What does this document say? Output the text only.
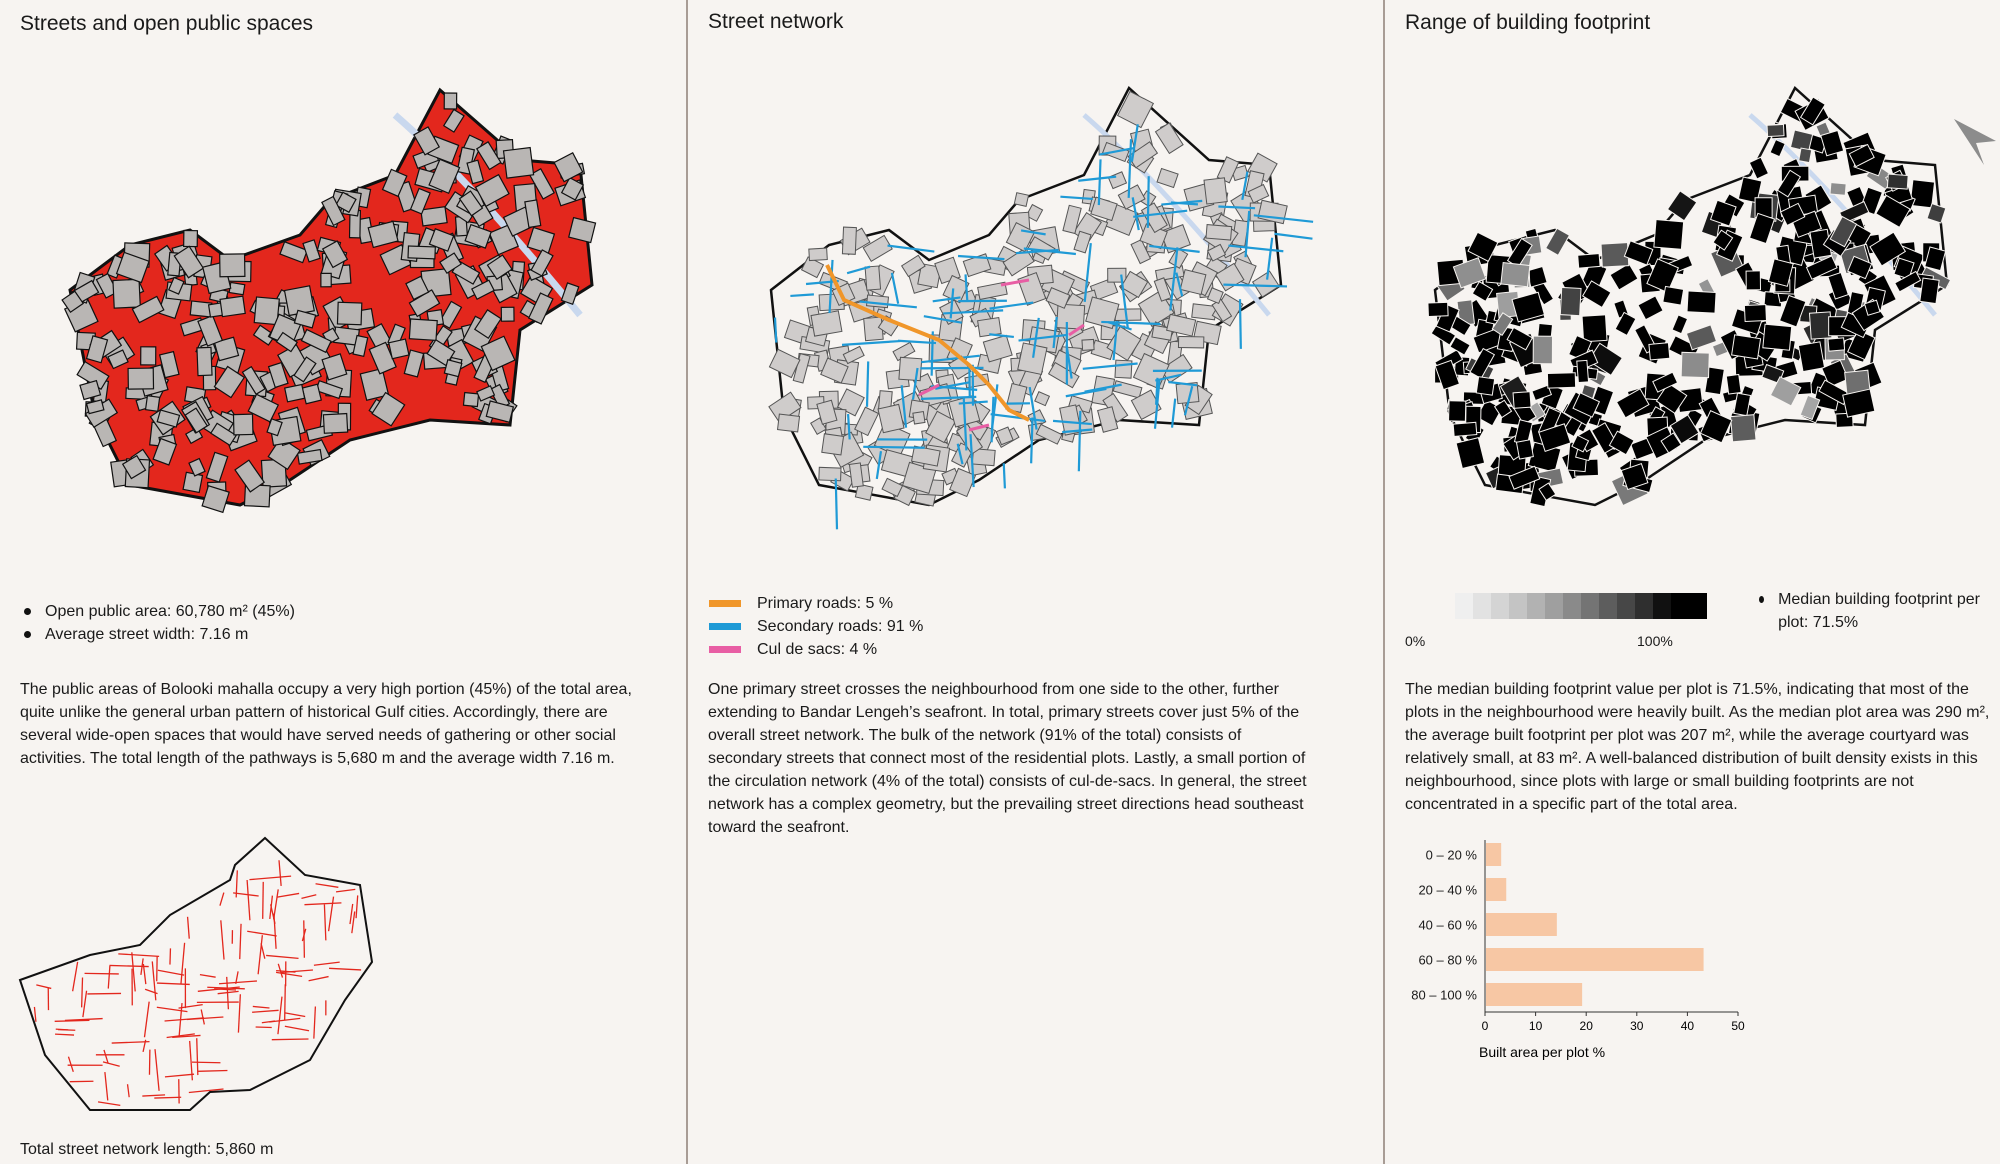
Streets and open public spaces
Open public area: 60,780 m² (45%)
Average street width: 7.16 m
The public areas of Bolooki mahalla occupy a very high portion (45%) of the total area, quite unlike the general urban pattern of historical Gulf cities. Accordingly, there are several wide-open spaces that would have served needs of gathering or other social activities. The total length of the pathways is 5,680 m and the average width 7.16 m.
Total street network length: 5,860 m
Street network
Primary roads: 5 %
Secondary roads: 91 %
Cul de sacs: 4 %
One primary street crosses the neighbourhood from one side to the other, further extending to Bandar Lengeh’s seafront. In total, primary streets cover just 5% of the overall street network. The bulk of the network (91% of the total) consists of secondary streets that connect most of the residential plots. Lastly, a small portion of the circulation network (4% of the total) consists of cul-de-sacs. In general, the street network has a complex geometry, but the prevailing street directions head southeast toward the seafront.
Range of building footprint
0%	100%
Median building footprint per plot: 71.5%
The median building footprint value per plot is 71.5%, indicating that most of the plots in the neighbourhood were heavily built. As the median plot area was 290 m², the average built footprint per plot was 207 m², while the average courtyard was relatively small, at 83 m². A well-balanced distribution of built density exists in this neighbourhood, since plots with large or small building footprints are not concentrated in a specific part of the total area.
0 – 20 %
20 – 40 %
40 – 60 %
60 – 80 %
80 – 100 %
0	10	20	30	40	50
Built area per plot %
